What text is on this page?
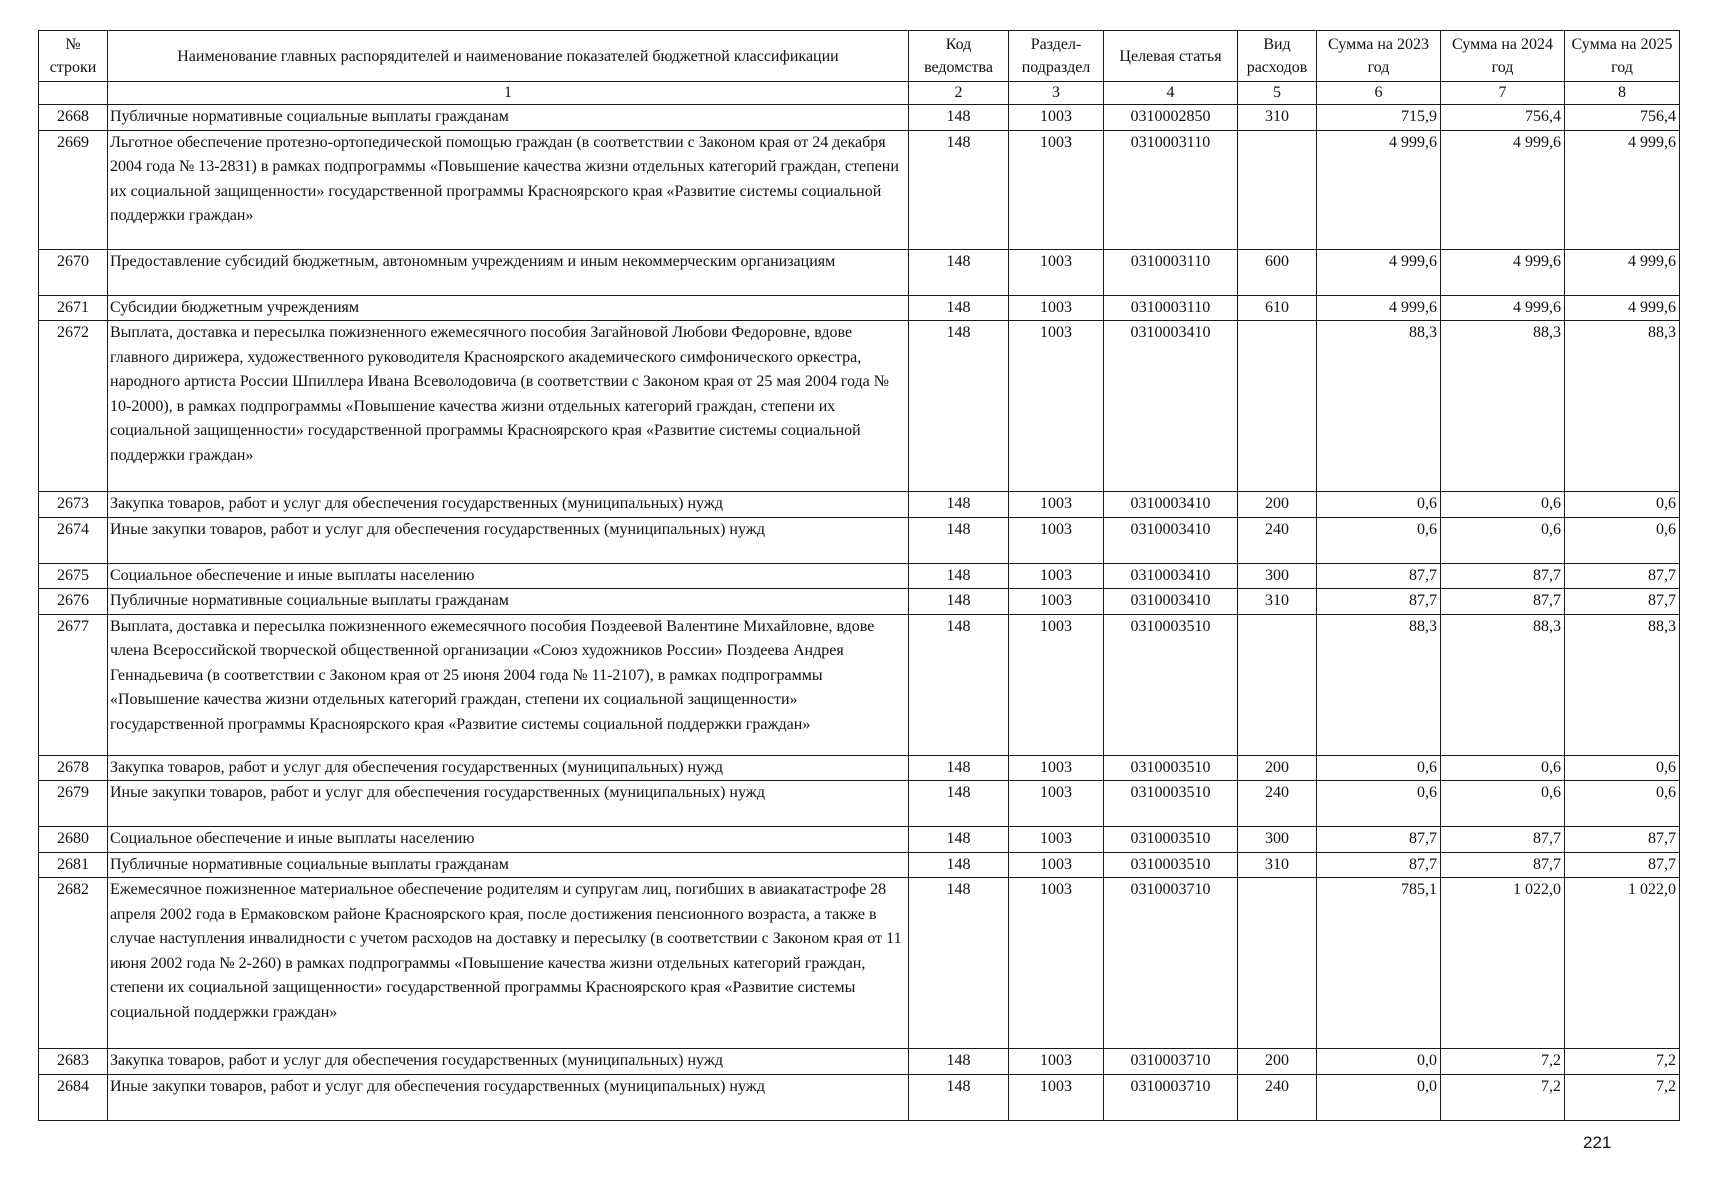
№ строки	Наименование главных распорядителей и наименование показателей бюджетной классификации	Код ведомства	Раздел-подраздел	Целевая статья	Вид расходов	Сумма на 2023 год	Сумма на 2024 год	Сумма на 2025 год
	1	2	3	4	5	6	7	8
2668	Публичные нормативные социальные выплаты гражданам	148	1003	0310002850	310	715,9	756,4	756,4
2669	Льготное обеспечение протезно-ортопедической помощью граждан (в соответствии с Законом края от 24 декабря 2004 года № 13-2831) в рамках подпрограммы «Повышение качества жизни отдельных категорий граждан, степени их социальной защищенности» государственной программы Красноярского края «Развитие системы социальной поддержки граждан»	148	1003	0310003110		4 999,6	4 999,6	4 999,6
2670	Предоставление субсидий бюджетным, автономным учреждениям и иным некоммерческим организациям	148	1003	0310003110	600	4 999,6	4 999,6	4 999,6
2671	Субсидии бюджетным учреждениям	148	1003	0310003110	610	4 999,6	4 999,6	4 999,6
2672	Выплата, доставка и пересылка пожизненного ежемесячного пособия Загайновой Любови Федоровне, вдове главного дирижера, художественного руководителя Красноярского академического симфонического оркестра, народного артиста России Шпиллера Ивана Всеволодовича (в соответствии с Законом края от 25 мая 2004 года № 10-2000), в рамках подпрограммы «Повышение качества жизни отдельных категорий граждан, степени их социальной защищенности» государственной программы Красноярского края «Развитие системы социальной поддержки граждан»	148	1003	0310003410		88,3	88,3	88,3
2673	Закупка товаров, работ и услуг для обеспечения государственных (муниципальных) нужд	148	1003	0310003410	200	0,6	0,6	0,6
2674	Иные закупки товаров, работ и услуг для обеспечения государственных (муниципальных) нужд	148	1003	0310003410	240	0,6	0,6	0,6
2675	Социальное обеспечение и иные выплаты населению	148	1003	0310003410	300	87,7	87,7	87,7
2676	Публичные нормативные социальные выплаты гражданам	148	1003	0310003410	310	87,7	87,7	87,7
2677	Выплата, доставка и пересылка пожизненного ежемесячного пособия Поздеевой Валентине Михайловне, вдове члена Всероссийской творческой общественной организации «Союз художников России» Поздеева Андрея Геннадьевича (в соответствии с Законом края от 25 июня 2004 года № 11-2107), в рамках подпрограммы «Повышение качества жизни отдельных категорий граждан, степени их социальной защищенности» государственной программы Красноярского края «Развитие системы социальной поддержки граждан»	148	1003	0310003510		88,3	88,3	88,3
2678	Закупка товаров, работ и услуг для обеспечения государственных (муниципальных) нужд	148	1003	0310003510	200	0,6	0,6	0,6
2679	Иные закупки товаров, работ и услуг для обеспечения государственных (муниципальных) нужд	148	1003	0310003510	240	0,6	0,6	0,6
2680	Социальное обеспечение и иные выплаты населению	148	1003	0310003510	300	87,7	87,7	87,7
2681	Публичные нормативные социальные выплаты гражданам	148	1003	0310003510	310	87,7	87,7	87,7
2682	Ежемесячное пожизненное материальное обеспечение родителям и супругам лиц, погибших в авиакатастрофе 28 апреля 2002 года в Ермаковском районе Красноярского края, после достижения пенсионного возраста, а также в случае наступления инвалидности с учетом расходов на доставку и пересылку (в соответствии с Законом края от 11 июня 2002 года № 2-260) в рамках подпрограммы «Повышение качества жизни отдельных категорий граждан, степени их социальной защищенности» государственной программы Красноярского края «Развитие системы социальной поддержки граждан»	148	1003	0310003710		785,1	1 022,0	1 022,0
2683	Закупка товаров, работ и услуг для обеспечения государственных (муниципальных) нужд	148	1003	0310003710	200	0,0	7,2	7,2
2684	Иные закупки товаров, работ и услуг для обеспечения государственных (муниципальных) нужд	148	1003	0310003710	240	0,0	7,2	7,2
221
